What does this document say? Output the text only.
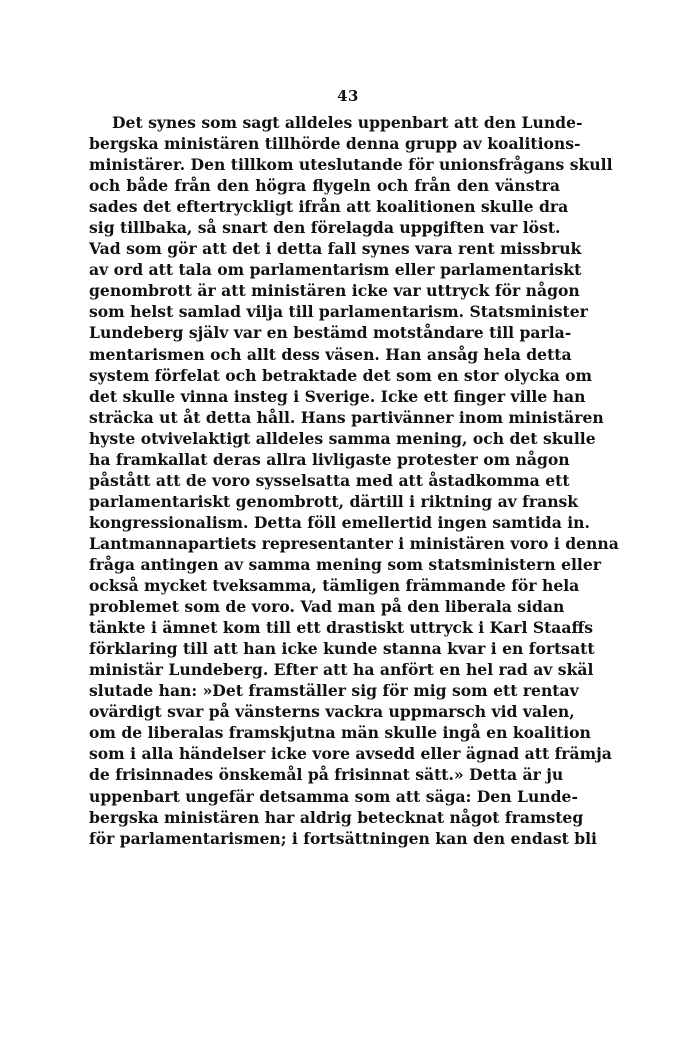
43
Det synes som sagt alldeles uppenbart att den Lunde-
bergska ministären tillhörde denna grupp av koalitions-
ministärer. Den tillkom uteslutande för unionsfrågans skull
och både från den högra flygeln och från den vänstra
sades det eftertryckligt ifrån att koalitionen skulle dra
sig tillbaka, så snart den förelagda uppgiften var löst.
Vad som gör att det i detta fall synes vara rent missbruk
av ord att tala om parlamentarism eller parlamentariskt
genombrott är att ministären icke var uttryck för någon
som helst samlad vilja till parlamentarism. Statsminister
Lundeberg själv var en bestämd motståndare till parla-
mentarismen och allt dess väsen. Han ansåg hela detta
system förfelat och betraktade det som en stor olycka om
det skulle vinna insteg i Sverige. Icke ett finger ville han
sträcka ut åt detta håll. Hans partivänner inom ministären
hyste otvivelaktigt alldeles samma mening, och det skulle
ha framkallat deras allra livligaste protester om någon
påstått att de voro sysselsatta med att åstadkomma ett
parlamentariskt genombrott, därtill i riktning av fransk
kongressionalism. Detta föll emellertid ingen samtida in.
Lantmannapartiets representanter i ministären voro i denna
fråga antingen av samma mening som statsministern eller
också mycket tveksamma, tämligen främmande för hela
problemet som de voro. Vad man på den liberala sidan
tänkte i ämnet kom till ett drastiskt uttryck i Karl Staaffs
förklaring till att han icke kunde stanna kvar i en fortsatt
ministär Lundeberg. Efter att ha anfört en hel rad av skäl
slutade han: »Det framställer sig för mig som ett rentav
ovärdigt svar på vänsterns vackra uppmarsch vid valen,
om de liberalas framskjutna män skulle ingå en koalition
som i alla händelser icke vore avsedd eller ägnad att främja
de frisinnades önskemål på frisinnat sätt.» Detta är ju
uppenbart ungefär detsamma som att säga: Den Lunde-
bergska ministären har aldrig betecknat något framsteg
för parlamentarismen; i fortsättningen kan den endast bli
